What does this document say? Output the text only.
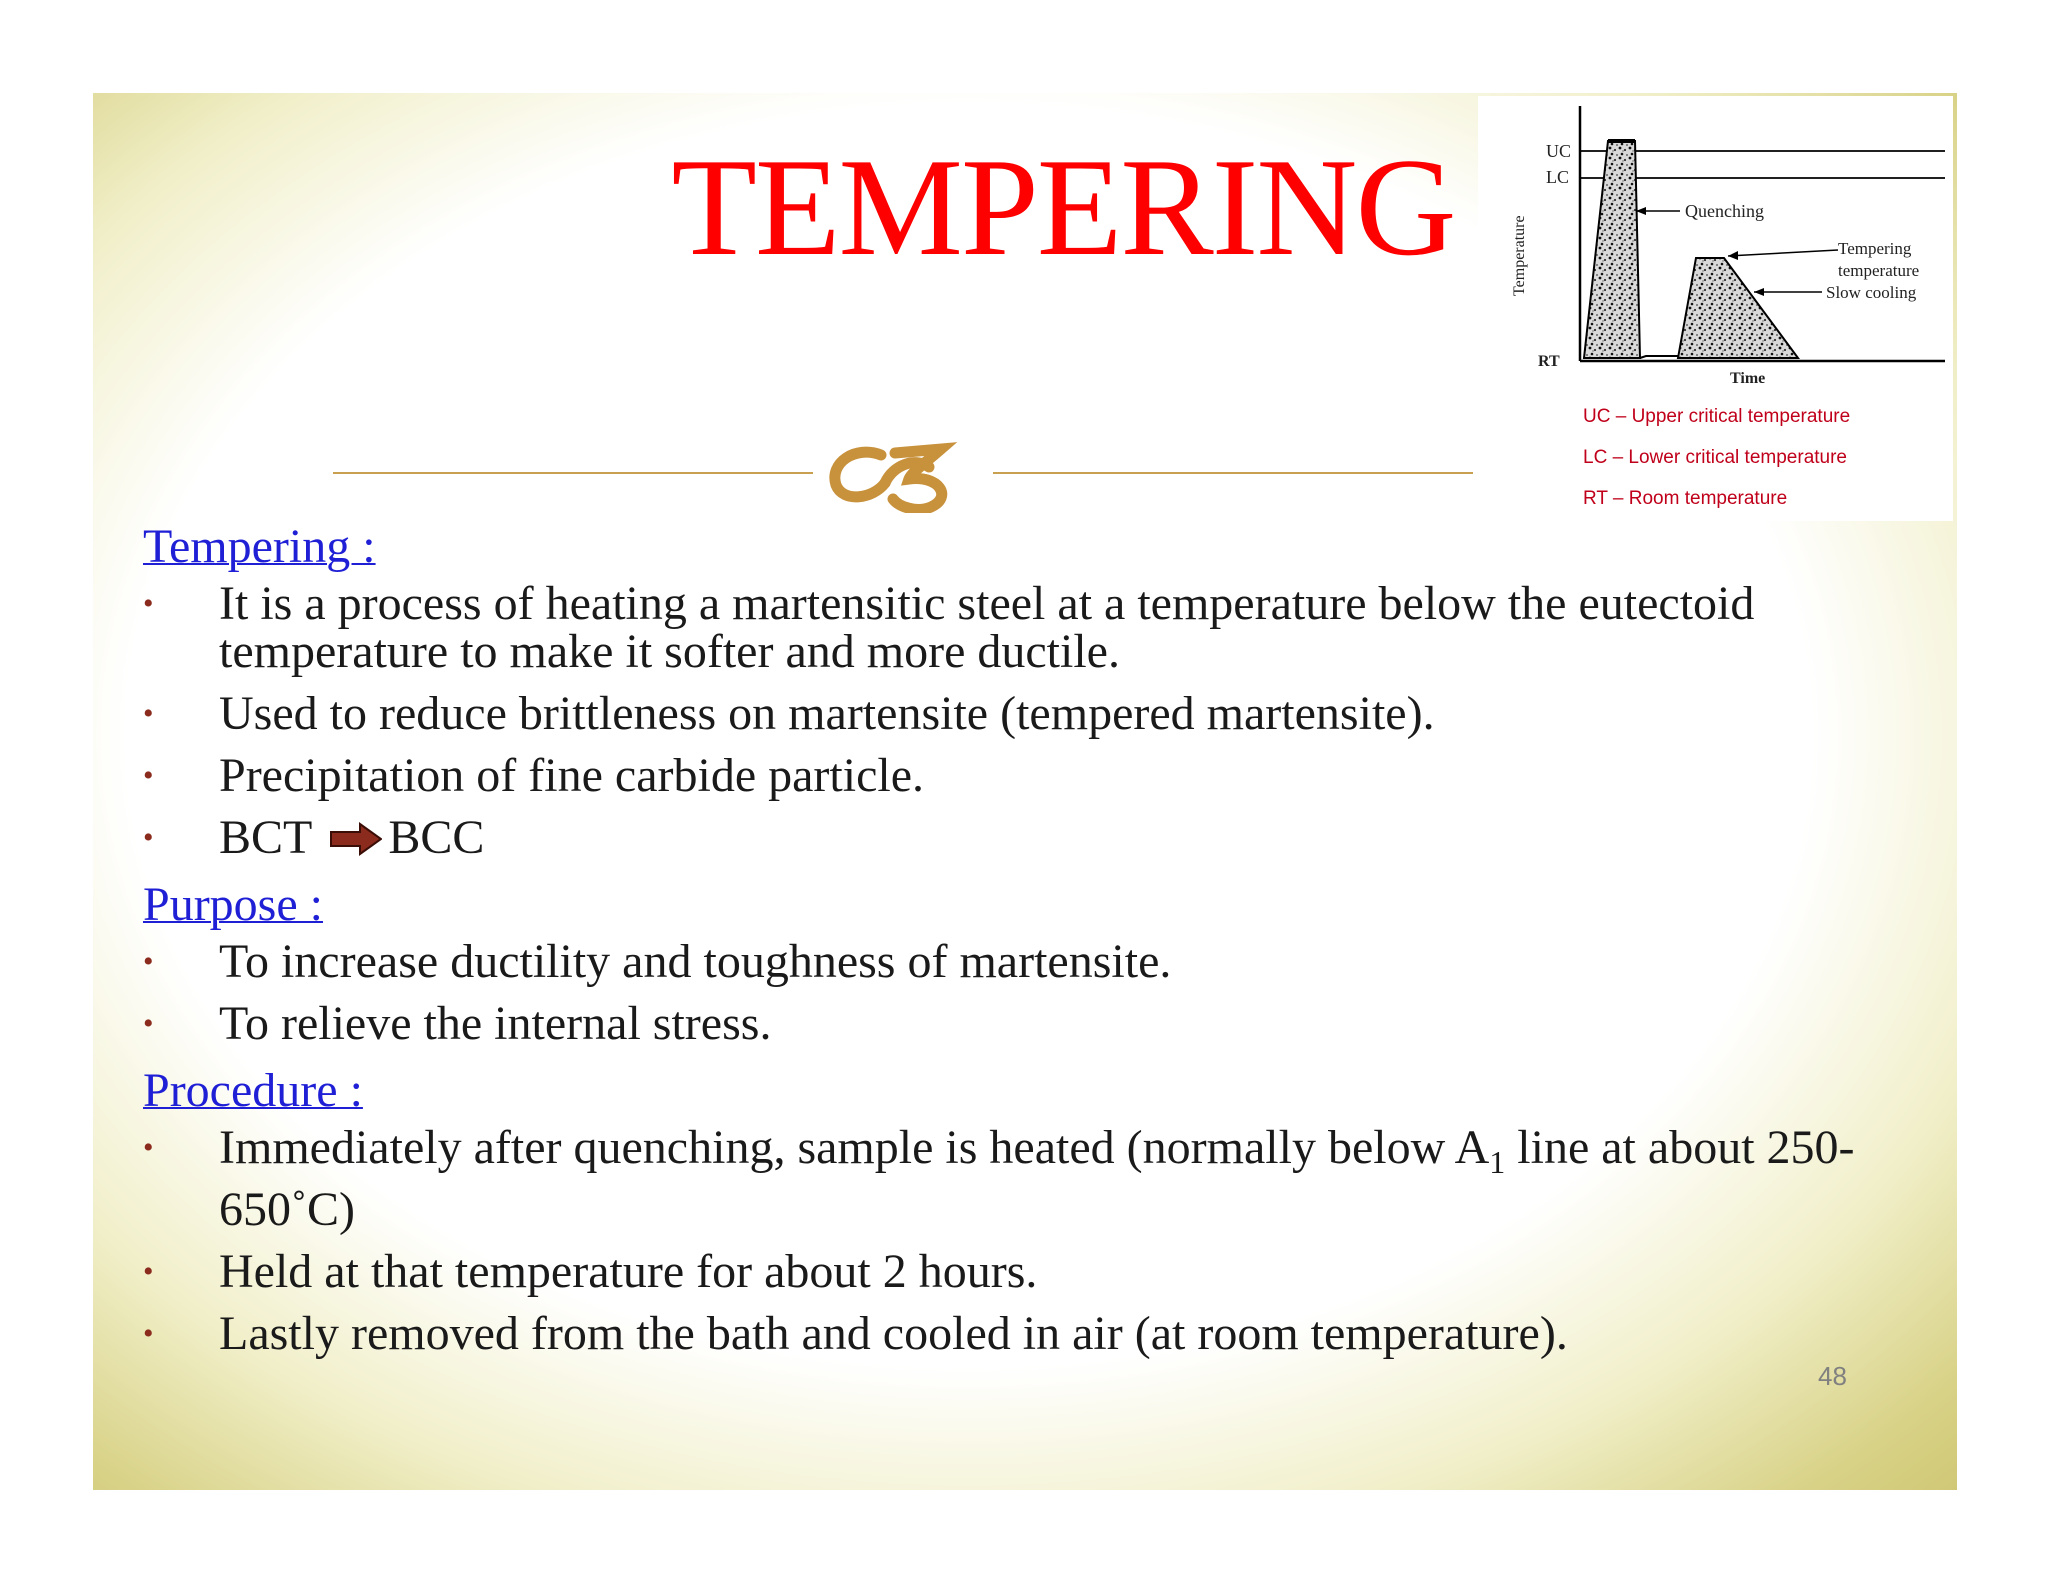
TEMPERING	UC
LC
RT
Temperature
Time
Quenching
Tempering
temperature
Slow cooling
UC – Upper critical temperature
LC – Lower critical temperature
RT – Room temperature
Tempering :
• It is a process of heating a martensitic steel at a temperature below the eutectoid temperature to make it softer and more ductile.
• Used to reduce brittleness on martensite (tempered martensite).
• Precipitation of fine carbide particle.
• BCT BCC
Purpose :
• To increase ductility and toughness of martensite.
• To relieve the internal stress.
Procedure :
• Immediately after quenching, sample is heated (normally below $A_1$ line at about 250-650˚C)
• Held at that temperature for about 2 hours.
• Lastly removed from the bath and cooled in air (at room temperature).
48
